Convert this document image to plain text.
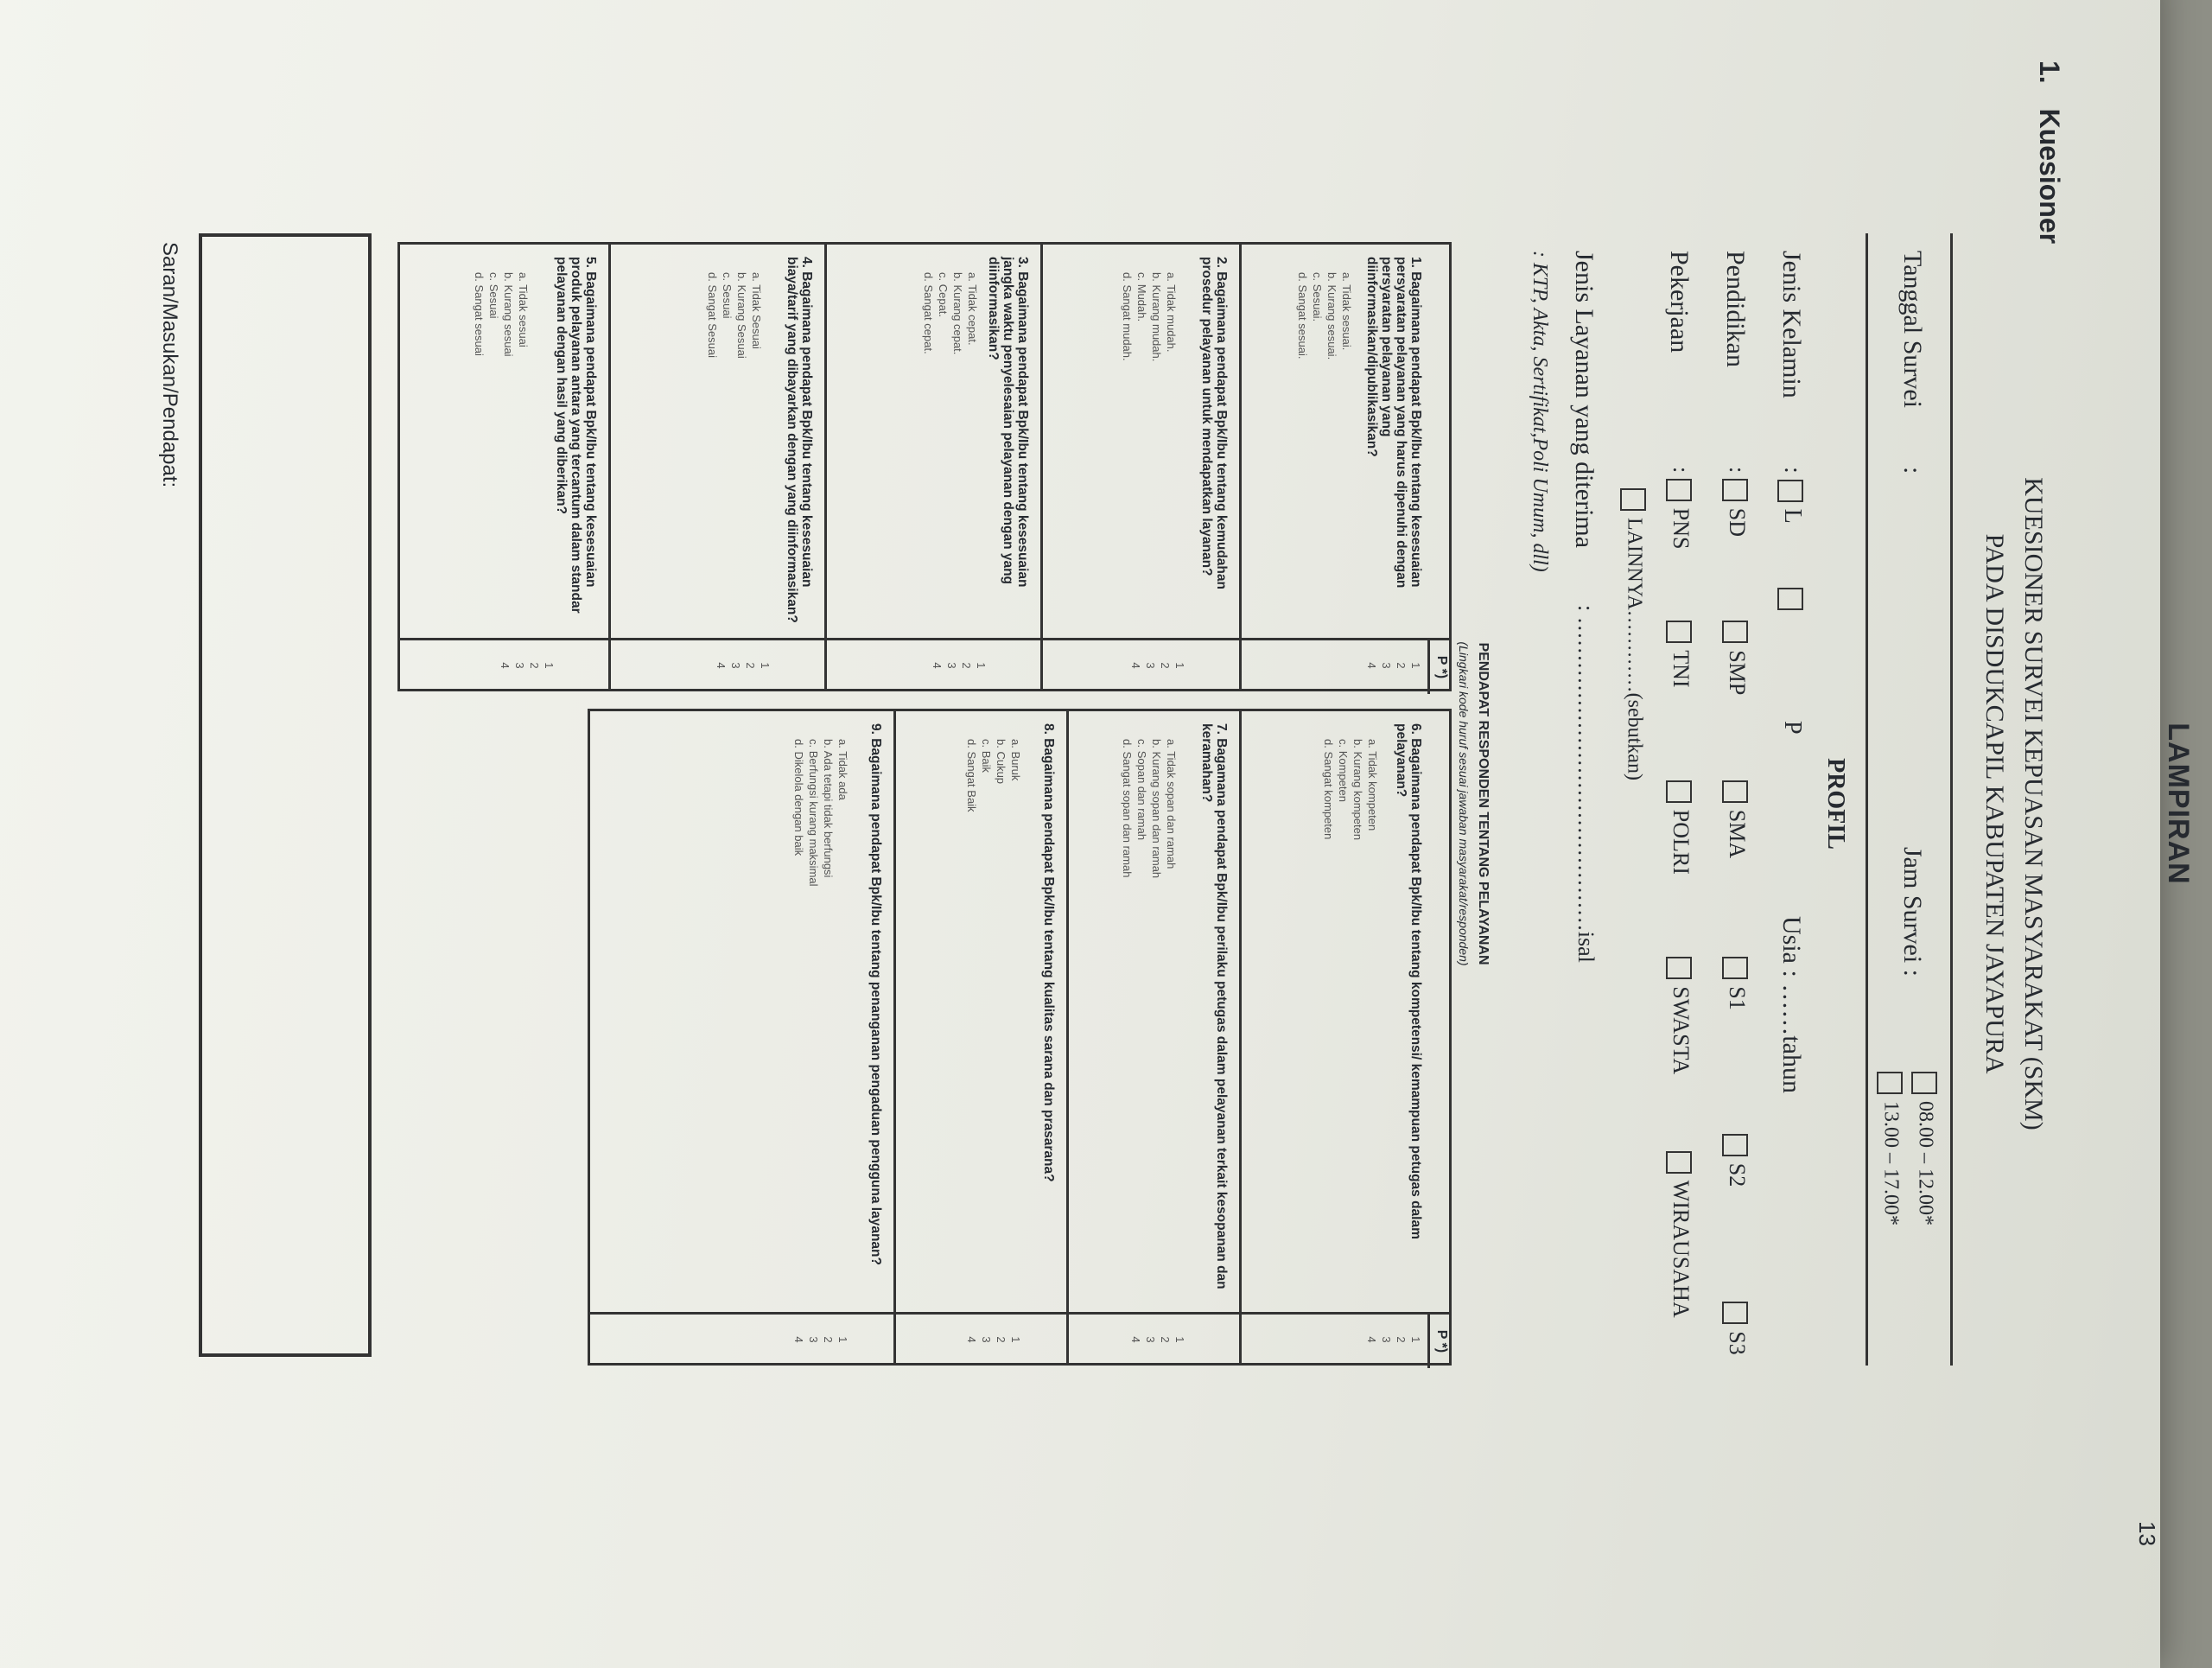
13
LAMPIRAN
1. Kuesioner
KUESIONER SURVEI KEPUASAN MASYARAKAT (SKM)
PADA DISDUKCAPIL KABUPATEN JAYAPURA
Tanggal Survei
:
Jam Survei :
08.00 – 12.00*
13.00 – 17.00*
PROFIL
Jenis Kelamin
: L
P
Usia : ……tahun
Pendidikan
: SD SMP SMA S1 S2 S3
Pekerjaan
: PNS TNI POLRI SWASTA WIRAUSAHA
LAINNYA…………(sebutkan)
Jenis Layanan yang diterima
: ……………………………………isal
: KTP, Akta, Sertifikat,Poli Umum, dll)
PENDAPAT RESPONDEN TENTANG PELAYANAN
(Lingkari kode huruf sesuai jawaban masyarakat/responden)
P *)
1. Bagaimana pendapat Bpk/Ibu tentang kesesuaian persyaratan pelayanan yang harus dipenuhi dengan persyaratan pelayanan yang diinformasikan/dipublikasikan?
a. Tidak sesuai.
b. Kurang sesuai.
c. Sesuai.
d. Sangat sesuai.
1
2
3
4
2. Bagaimana pendapat Bpk/Ibu tentang kemudahan prosedur pelayanan untuk mendapatkan layanan?
a. Tidak mudah.
b. Kurang mudah.
c. Mudah.
d. Sangat mudah.
1
2
3
4
3. Bagaimana pendapat Bpk/Ibu tentang kesesuaian jangka waktu penyelesaian pelayanan dengan yang diinformasikan?
a. Tidak cepat.
b. Kurang cepat.
c. Cepat.
d. Sangat cepat.
1
2
3
4
4. Bagaimana pendapat Bpk/Ibu tentang kesesuaian biaya/tarif yang dibayarkan dengan yang diinformasikan?
a. Tidak Sesuai
b. Kurang Sesuai
c. Sesuai
d. Sangat Sesuai
1
2
3
4
5. Bagaimana pendapat Bpk/Ibu tentang kesesuaian produk pelayanan antara yang tercantum dalam standar pelayanan dengan hasil yang diberikan?
a. Tidak sesuai
b. Kurang sesuai
c. Sesuai
d. Sangat sesuai
1
2
3
4
P *)
6. Bagaimana pendapat Bpk/Ibu tentang kompetensi/ kemampuan petugas dalam pelayanan?
a. Tidak kompeten
b. Kurang kompeten
c. Kompeten
d. Sangat kompeten
1
2
3
4
7. Bagamana pendapat Bpk/Ibu perilaku petugas dalam pelayanan terkait kesopanan dan keramahan?
a. Tidak sopan dan ramah
b. Kurang sopan dan ramah
c. Sopan dan ramah
d. Sangat sopan dan ramah
1
2
3
4
8. Bagaimana pendapat Bpk/Ibu tentang kualitas sarana dan prasarana?
a. Buruk
b. Cukup
c. Baik
d. Sangat Baik
1
2
3
4
9. Bagaimana pendapat Bpk/Ibu tentang penanganan pengaduan pengguna layanan?
a. Tidak ada
b. Ada tetapi tidak berfungsi
c. Berfungsi kurang maksimal
d. Dikelola dengan baik
1
2
3
4
Saran/Masukan/Pendapat:
